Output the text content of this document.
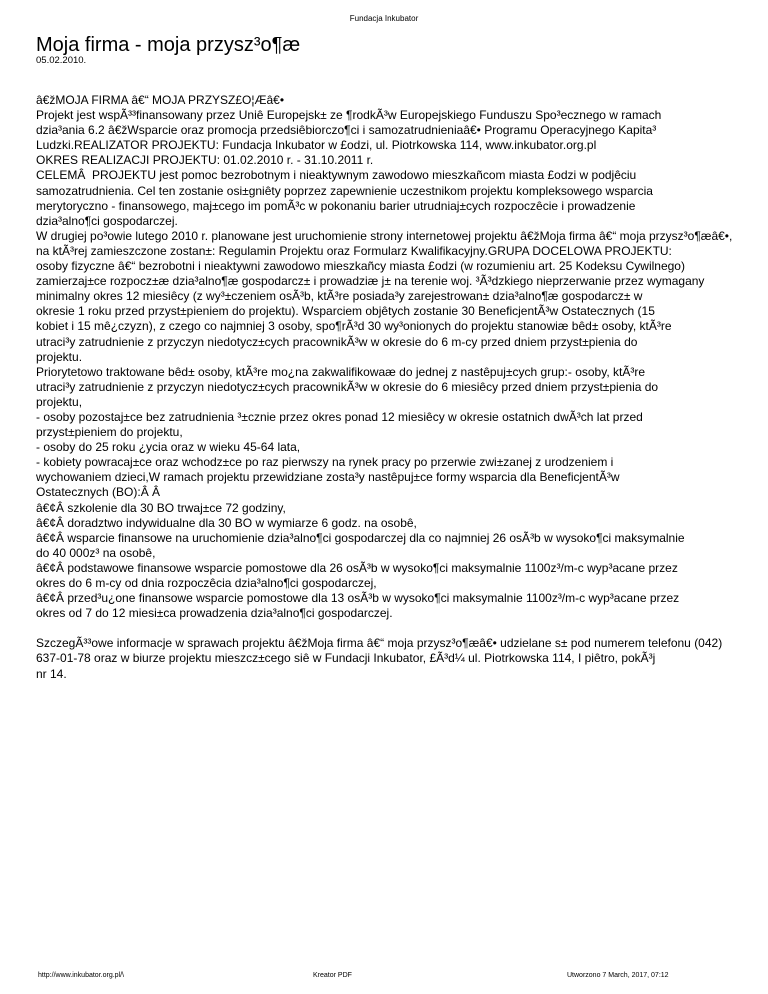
Fundacja Inkubator
Moja firma - moja przysz³o¶æ
05.02.2010.
â€žMOJA FIRMA â€“ MOJA PRZYSZ£O¦Æâ€•
Projekt jest wspÃ³³finansowany przez Uniê Europejsk± ze ¶rodkÃ³w Europejskiego Funduszu Spo³ecznego w ramach
dzia³ania 6.2 â€žWsparcie oraz promocja przedsiêbiorczo¶ci i samozatrudnieniaâ€• Programu Operacyjnego Kapita³
Ludzki.REALIZATOR PROJEKTU: Fundacja Inkubator w £odzi, ul. Piotrkowska 114, www.inkubator.org.pl
OKRES REALIZACJI PROJEKTU: 01.02.2010 r. - 31.10.2011 r.
CELEMÂ  PROJEKTU jest pomoc bezrobotnym i nieaktywnym zawodowo mieszkañcom miasta £odzi w podjêciu
samozatrudnienia. Cel ten zostanie osi±gniêty poprzez zapewnienie uczestnikom projektu kompleksowego wsparcia
merytoryczno - finansowego, maj±cego im pomÃ³c w pokonaniu barier utrudniaj±cych rozpoczêcie i prowadzenie
dzia³alno¶ci gospodarczej.
W drugiej po³owie lutego 2010 r. planowane jest uruchomienie strony internetowej projektu â€žMoja firma â€“ moja przysz³o¶æâ€•,
na ktÃ³rej zamieszczone zostan±: Regulamin Projektu oraz Formularz Kwalifikacyjny.GRUPA DOCELOWA PROJEKTU:
osoby fizyczne â€“ bezrobotni i nieaktywni zawodowo mieszkañcy miasta £odzi (w rozumieniu art. 25 Kodeksu Cywilnego)
zamierzaj±ce rozpocz±æ dzia³alno¶æ gospodarcz± i prowadziæ j± na terenie woj. ³Ã³dzkiego nieprzerwanie przez wymagany
minimalny okres 12 miesiêcy (z wy³±czeniem osÃ³b, ktÃ³re posiada³y zarejestrowan± dzia³alno¶æ gospodarcz± w
okresie 1 roku przed przyst±pieniem do projektu). Wsparciem objêtych zostanie 30 BeneficjentÃ³w Ostatecznych (15
kobiet i 15 mê¿czyzn), z czego co najmniej 3 osoby, spo¶rÃ³d 30 wy³onionych do projektu stanowiæ bêd± osoby, ktÃ³re
utraci³y zatrudnienie z przyczyn niedotycz±cych pracownikÃ³w w okresie do 6 m-cy przed dniem przyst±pienia do
projektu.
Priorytetowo traktowane bêd± osoby, ktÃ³re mo¿na zakwalifikowaæ do jednej z nastêpuj±cych grup:- osoby, ktÃ³re
utraci³y zatrudnienie z przyczyn niedotycz±cych pracownikÃ³w w okresie do 6 miesiêcy przed dniem przyst±pienia do
projektu,
- osoby pozostaj±ce bez zatrudnienia ³±cznie przez okres ponad 12 miesiêcy w okresie ostatnich dwÃ³ch lat przed
przyst±pieniem do projektu,
- osoby do 25 roku ¿ycia oraz w wieku 45-64 lata,
- kobiety powracaj±ce oraz wchodz±ce po raz pierwszy na rynek pracy po przerwie zwi±zanej z urodzeniem i
wychowaniem dzieci,W ramach projektu przewidziane zosta³y nastêpuj±ce formy wsparcia dla BeneficjentÃ³w
Ostatecznych (BO):Â Â
â€¢Â szkolenie dla 30 BO trwaj±ce 72 godziny,
â€¢Â doradztwo indywidualne dla 30 BO w wymiarze 6 godz. na osobê,
â€¢Â wsparcie finansowe na uruchomienie dzia³alno¶ci gospodarczej dla co najmniej 26 osÃ³b w wysoko¶ci maksymalnie
do 40 000z³ na osobê,
â€¢Â podstawowe finansowe wsparcie pomostowe dla 26 osÃ³b w wysoko¶ci maksymalnie 1100z³/m-c wyp³acane przez
okres do 6 m-cy od dnia rozpoczêcia dzia³alno¶ci gospodarczej,
â€¢Â przed³u¿one finansowe wsparcie pomostowe dla 13 osÃ³b w wysoko¶ci maksymalnie 1100z³/m-c wyp³acane przez
okres od 7 do 12 miesi±ca prowadzenia dzia³alno¶ci gospodarczej.
SzczegÃ³³owe informacje w sprawach projektu â€žMoja firma â€“ moja przysz³o¶æâ€• udzielane s± pod numerem telefonu (042)
637-01-78 oraz w biurze projektu mieszcz±cego siê w Fundacji Inkubator, £Ã³d¼ ul. Piotrkowska 114, I piêtro, pokÃ³j
nr 14.
http://www.inkubator.org.pl/\	Kreator PDF	Utworzono 7 March, 2017, 07:12
